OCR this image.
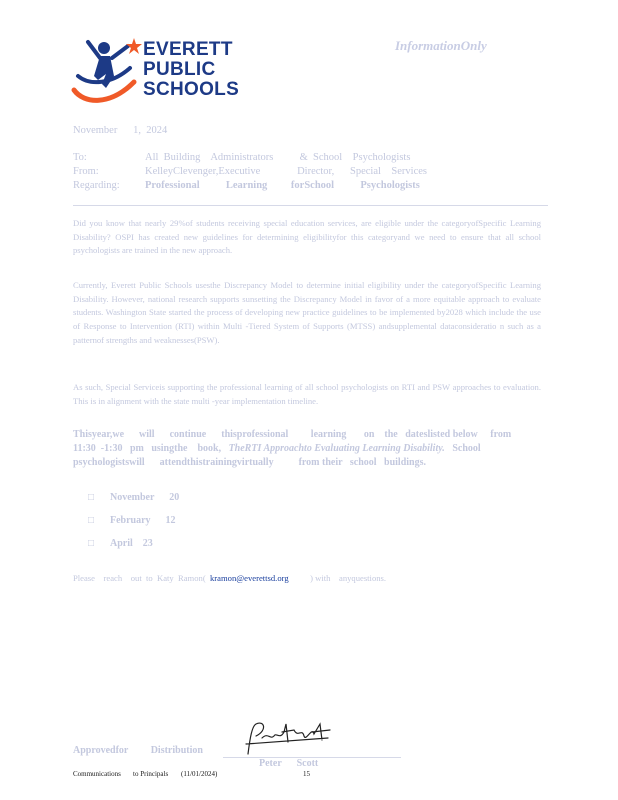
EVERETT
PUBLIC
SCHOOLS
InformationOnly
November      1,  2024
To:	All  Building    Administrators          &  School    Psychologists
From:	KelleyClevenger,Executive              Director,      Special    Services
Regarding: Professional          Learning         forSchool          Psychologists
Did you know that nearly 29%of students receiving special education services, are eligible under the categoryofSpecific Learning Disability? OSPI has created new guidelines for determining eligibilityfor this categoryand we need to ensure that all school psychologists are trained in the new approach.
Currently, Everett Public Schools usesthe Discrepancy Model to determine initial eligibility under the categoryofSpecific Learning Disability. However, national research supports sunsetting the Discrepancy Model in favor of a more equitable approach to evaluate students. Washington State started the process of developing new practice guidelines to be implemented by2028 which include the use of Response to Intervention (RTI) within Multi -Tiered System of Supports (MTSS) andsupplemental dataconsideratio n such as a patternof strengths and weaknesses(PSW).
As such, Special Serviceis supporting the professional learning of all school psychologists on RTI and PSW approaches to evaluation. This is in alignment with the state multi -year implementation timeline.
Thisyear,we      will      continue      thisprofessional         learning       on    the   dateslisted below     from     11:30  -1:30   pm   usingthe    book,   TheRTI Approachto Evaluating Learning Disability.   School   psychologistswill      attendthistrainingvirtually          from their   school   buildings.
□ November      20
□ February      12
□ April    23
Please    reach    out  to  Katy  Ramon(  kramon@everettsd.org          ) with    anyquestions.
Approvedfor         Distribution
Peter      Scott
Communications to Principals (11/01/2024)	15
